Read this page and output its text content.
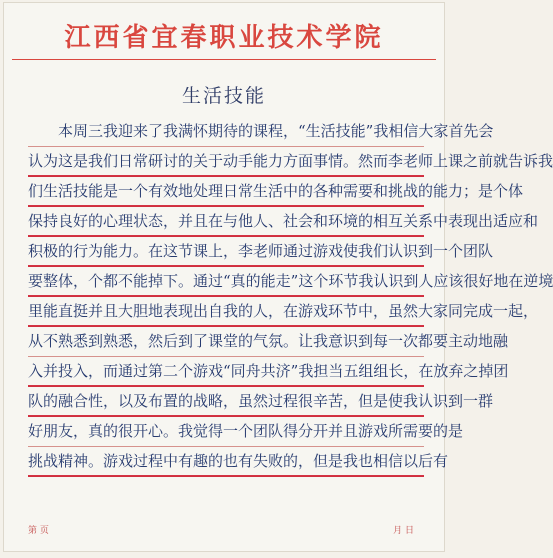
江西省宜春职业技术学院
生活技能
本周三我迎来了我满怀期待的课程，“生活技能”我相信大家首先会
认为这是我们日常研讨的关于动手能力方面事情。然而李老师上课之前就告诉我
们生活技能是一个有效地处理日常生活中的各种需要和挑战的能力；是个体
保持良好的心理状态，并且在与他人、社会和环境的相互关系中表现出适应和
积极的行为能力。在这节课上，李老师通过游戏使我们认识到一个团队
要整体，个都不能掉下。通过“真的能走”这个环节我认识到人应该很好地在逆境
里能直挺并且大胆地表现出自我的人，在游戏环节中，虽然大家同完成一起，
从不熟悉到熟悉，然后到了课堂的气氛。让我意识到每一次都要主动地融
入并投入，而通过第二个游戏“同舟共济”我担当五组组长，在放弃之掉团
队的融合性，以及布置的战略，虽然过程很辛苦，但是使我认识到一群
好朋友，真的很开心。我觉得一个团队得分开并且游戏所需要的是
挑战精神。游戏过程中有趣的也有失败的，但是我也相信以后有
第 页	月 日
